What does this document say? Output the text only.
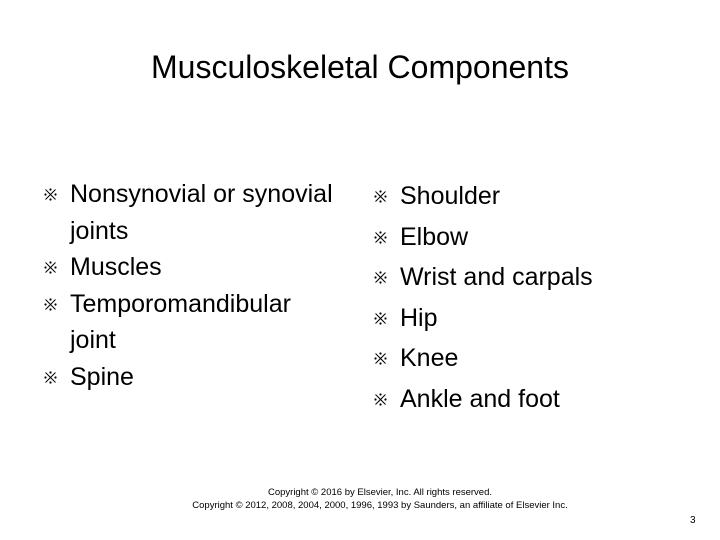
Musculoskeletal Components
Nonsynovial or synovial joints
Muscles
Temporomandibular joint
Spine
Shoulder
Elbow
Wrist and carpals
Hip
Knee
Ankle and foot
Copyright © 2016 by Elsevier, Inc. All rights reserved.
Copyright © 2012, 2008, 2004, 2000, 1996, 1993 by Saunders, an affiliate of Elsevier Inc.
3
